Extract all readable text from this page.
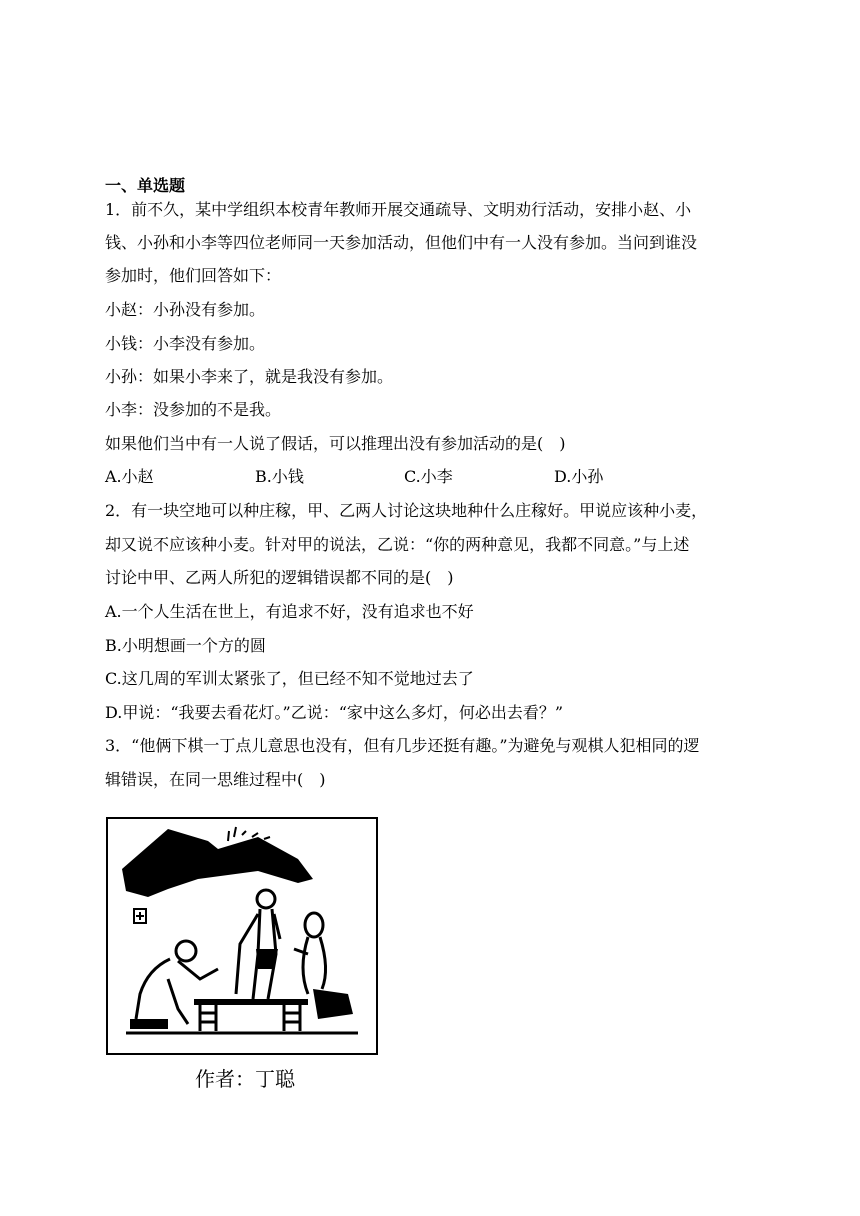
一、单选题
1．前不久，某中学组织本校青年教师开展交通疏导、文明劝行活动，安排小赵、小
钱、小孙和小李等四位老师同一天参加活动，但他们中有一人没有参加。当问到谁没
参加时，他们回答如下：
小赵：小孙没有参加。
小钱：小李没有参加。
小孙：如果小李来了，就是我没有参加。
小李：没参加的不是我。
如果他们当中有一人说了假话，可以推理出没有参加活动的是(　)
A.小赵	B.小钱	C.小李	D.小孙
2．有一块空地可以种庄稼，甲、乙两人讨论这块地种什么庄稼好。甲说应该种小麦，
却又说不应该种小麦。针对甲的说法，乙说：“你的两种意见，我都不同意。”与上述
讨论中甲、乙两人所犯的逻辑错误都不同的是(　)
A.一个人生活在世上，有追求不好，没有追求也不好
B.小明想画一个方的圆
C.这几周的军训太紧张了，但已经不知不觉地过去了
D.甲说：“我要去看花灯。”乙说：“家中这么多灯，何必出去看？”
3．“他俩下棋一丁点儿意思也没有，但有几步还挺有趣。”为避免与观棋人犯相同的逻
辑错误，在同一思维过程中(　)
作者：丁聪
